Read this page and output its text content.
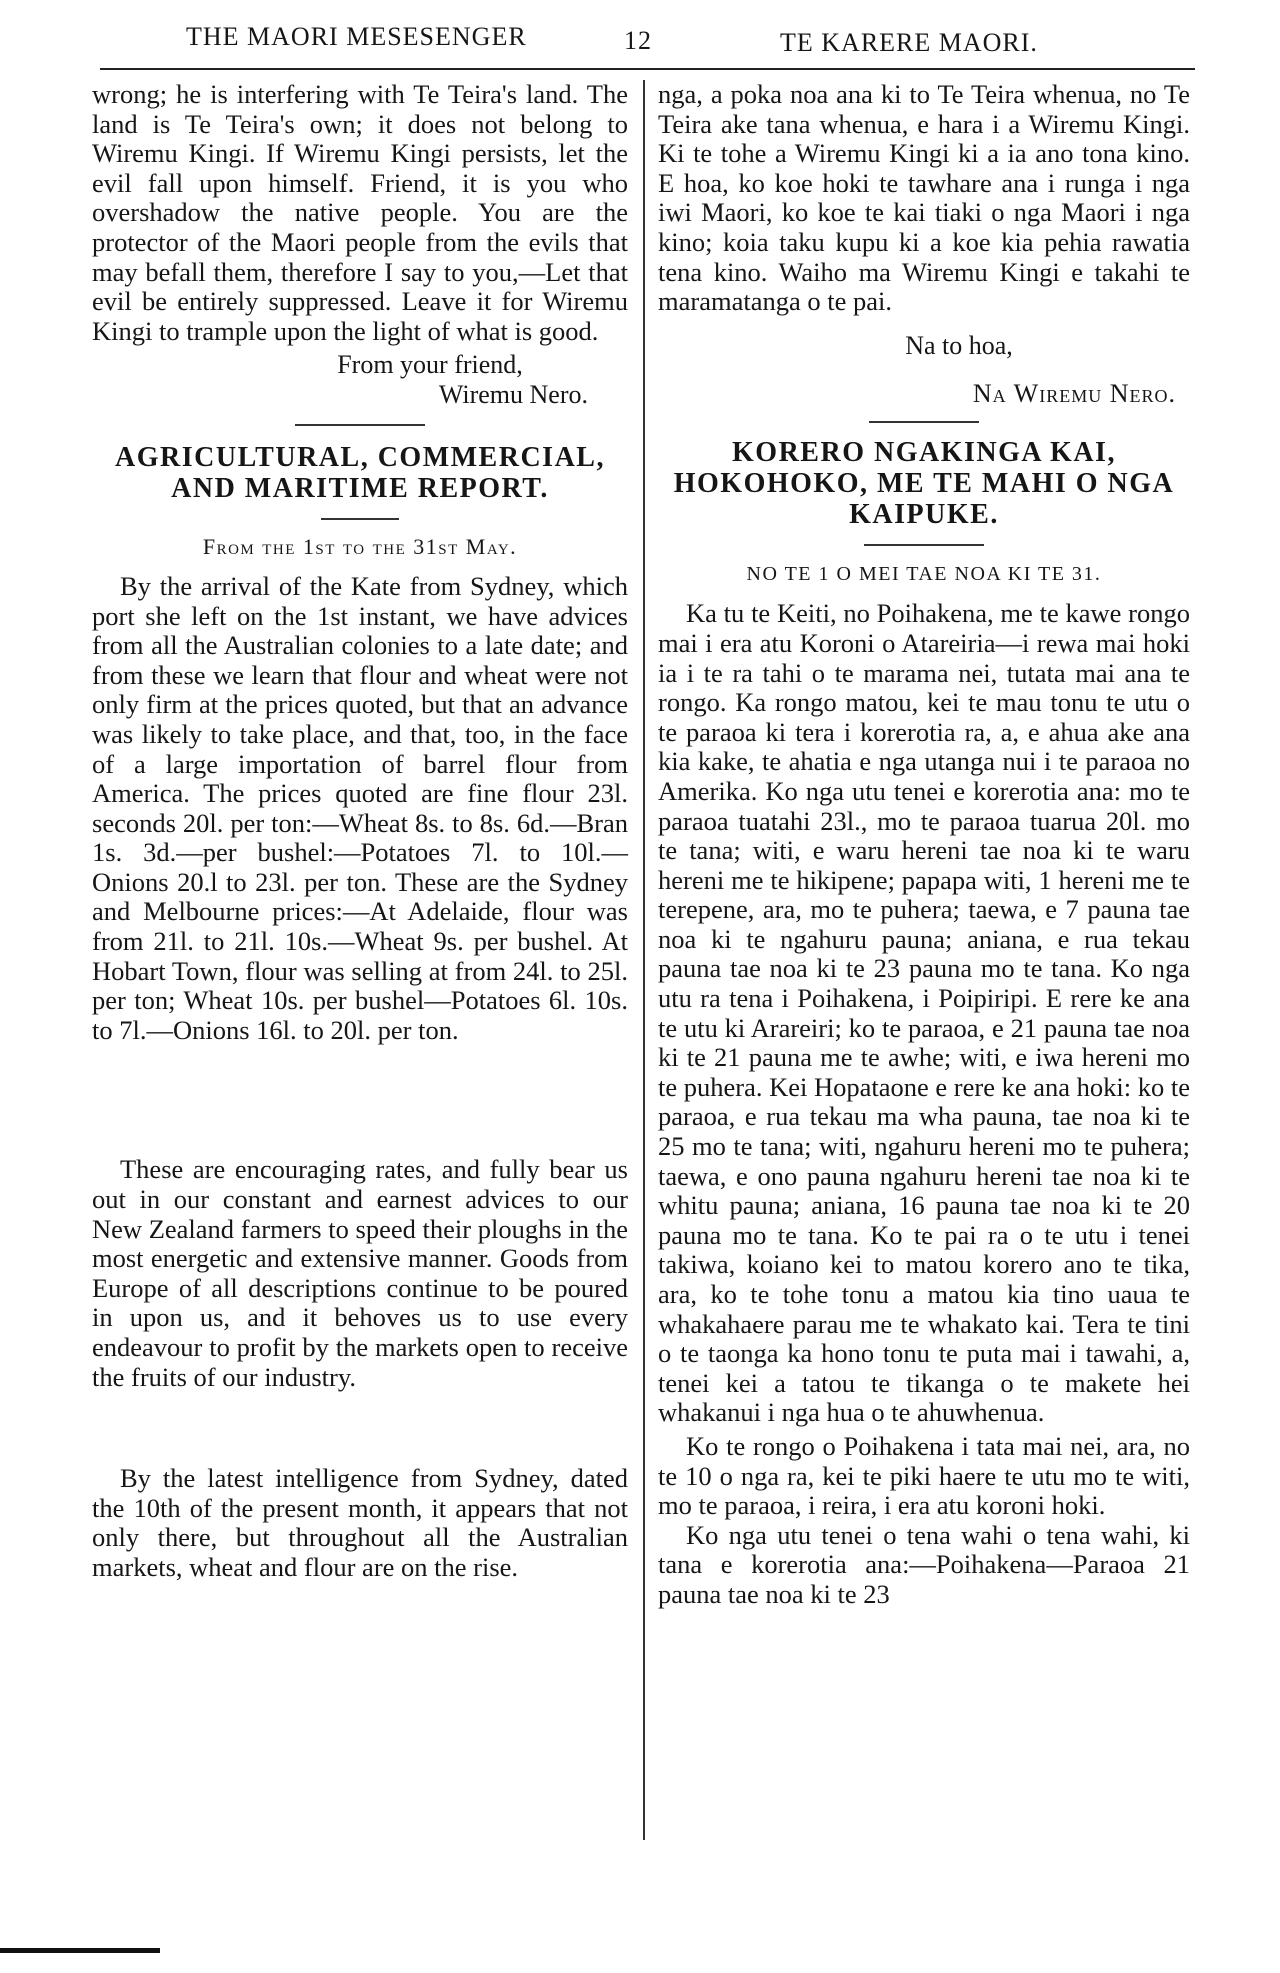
THE MAORI MESESENGER	12	TE KARERE MAORI.

wrong; he is interfering with Te Teira's land. The land is Te Teira's own; it does not belong to Wiremu Kingi. If Wiremu Kingi persists, let the evil fall upon himself. Friend, it is you who overshadow the native people. You are the protector of the Maori people from the evils that may befall them, therefore I say to you,—Let that evil be entirely suppressed. Leave it for Wiremu Kingi to trample upon the light of what is good.

From your friend,
Wiremu Nero.
AGRICULTURAL, COMMERCIAL, AND MARITIME REPORT.

From the 1st to the 31st May.

By the arrival of the Kate from Sydney, which port she left on the 1st instant, we have advices from all the Australian colonies to a late date; and from these we learn that flour and wheat were not only firm at the prices quoted, but that an advance was likely to take place, and that, too, in the face of a large importation of barrel flour from America. The prices quoted are fine flour 23l. seconds 20l. per ton:—Wheat 8s. to 8s. 6d.—Bran 1s. 3d.—per bushel:—Potatoes 7l. to 10l.—Onions 20.l to 23l. per ton. These are the Sydney and Melbourne prices:—At Adelaide, flour was from 21l. to 21l. 10s.—Wheat 9s. per bushel. At Hobart Town, flour was selling at from 24l. to 25l. per ton; Wheat 10s. per bushel—Potatoes 6l. 10s. to 7l.—Onions 16l. to 20l. per ton.

These are encouraging rates, and fully bear us out in our constant and earnest advices to our New Zealand farmers to speed their ploughs in the most energetic and extensive manner. Goods from Europe of all descriptions continue to be poured in upon us, and it behoves us to use every endeavour to profit by the markets open to receive the fruits of our industry.

By the latest intelligence from Sydney, dated the 10th of the present month, it appears that not only there, but throughout all the Australian markets, wheat and flour are on the rise.

nga, a poka noa ana ki to Te Teira whenua, no Te Teira ake tana whenua, e hara i a Wiremu Kingi. Ki te tohe a Wiremu Kingi ki a ia ano tona kino. E hoa, ko koe hoki te tawhare ana i runga i nga iwi Maori, ko koe te kai tiaki o nga Maori i nga kino; koia taku kupu ki a koe kia pehia rawatia tena kino. Waiho ma Wiremu Kingi e takahi te maramatanga o te pai.

Na to hoa,
Na Wiremu Nero.
KORERO NGAKINGA KAI, HOKOHOKO, ME TE MAHI O NGA KAIPUKE.

NO TE 1 O MEI TAE NOA KI TE 31.

Ka tu te Keiti, no Poihakena, me te kawe rongo mai i era atu Koroni o Atareiria—i rewa mai hoki ia i te ra tahi o te marama nei, tutata mai ana te rongo. Ka rongo matou, kei te mau tonu te utu o te paraoa ki tera i korerotia ra, a, e ahua ake ana kia kake, te ahatia e nga utanga nui i te paraoa no Amerika. Ko nga utu tenei e korerotia ana: mo te paraoa tuatahi 23l., mo te paraoa tuarua 20l. mo te tana; witi, e waru hereni tae noa ki te waru hereni me te hikipene; papapa witi, 1 hereni me te terepene, ara, mo te puhera; taewa, e 7 pauna tae noa ki te ngahuru pauna; aniana, e rua tekau pauna tae noa ki te 23 pauna mo te tana. Ko nga utu ra tena i Poihakena, i Poipiripi. E rere ke ana te utu ki Arareiri; ko te paraoa, e 21 pauna tae noa ki te 21 pauna me te awhe; witi, e iwa hereni mo te puhera. Kei Hopataone e rere ke ana hoki: ko te paraoa, e rua tekau ma wha pauna, tae noa ki te 25 mo te tana; witi, ngahuru hereni mo te puhera; taewa, e ono pauna ngahuru hereni tae noa ki te whitu pauna; aniana, 16 pauna tae noa ki te 20 pauna mo te tana. Ko te pai ra o te utu i tenei takiwa, koiano kei to matou korero ano te tika, ara, ko te tohe tonu a matou kia tino uaua te whakahaere parau me te whakato kai. Tera te tini o te taonga ka hono tonu te puta mai i tawahi, a, tenei kei a tatou te tikanga o te makete hei whakanui i nga hua o te ahuwhenua.

Ko te rongo o Poihakena i tata mai nei, ara, no te 10 o nga ra, kei te piki haere te utu mo te witi, mo te paraoa, i reira, i era atu koroni hoki.

Ko nga utu tenei o tena wahi o tena wahi, ki tana e korerotia ana:—Poihakena—Paraoa 21 pauna tae noa ki te 23
